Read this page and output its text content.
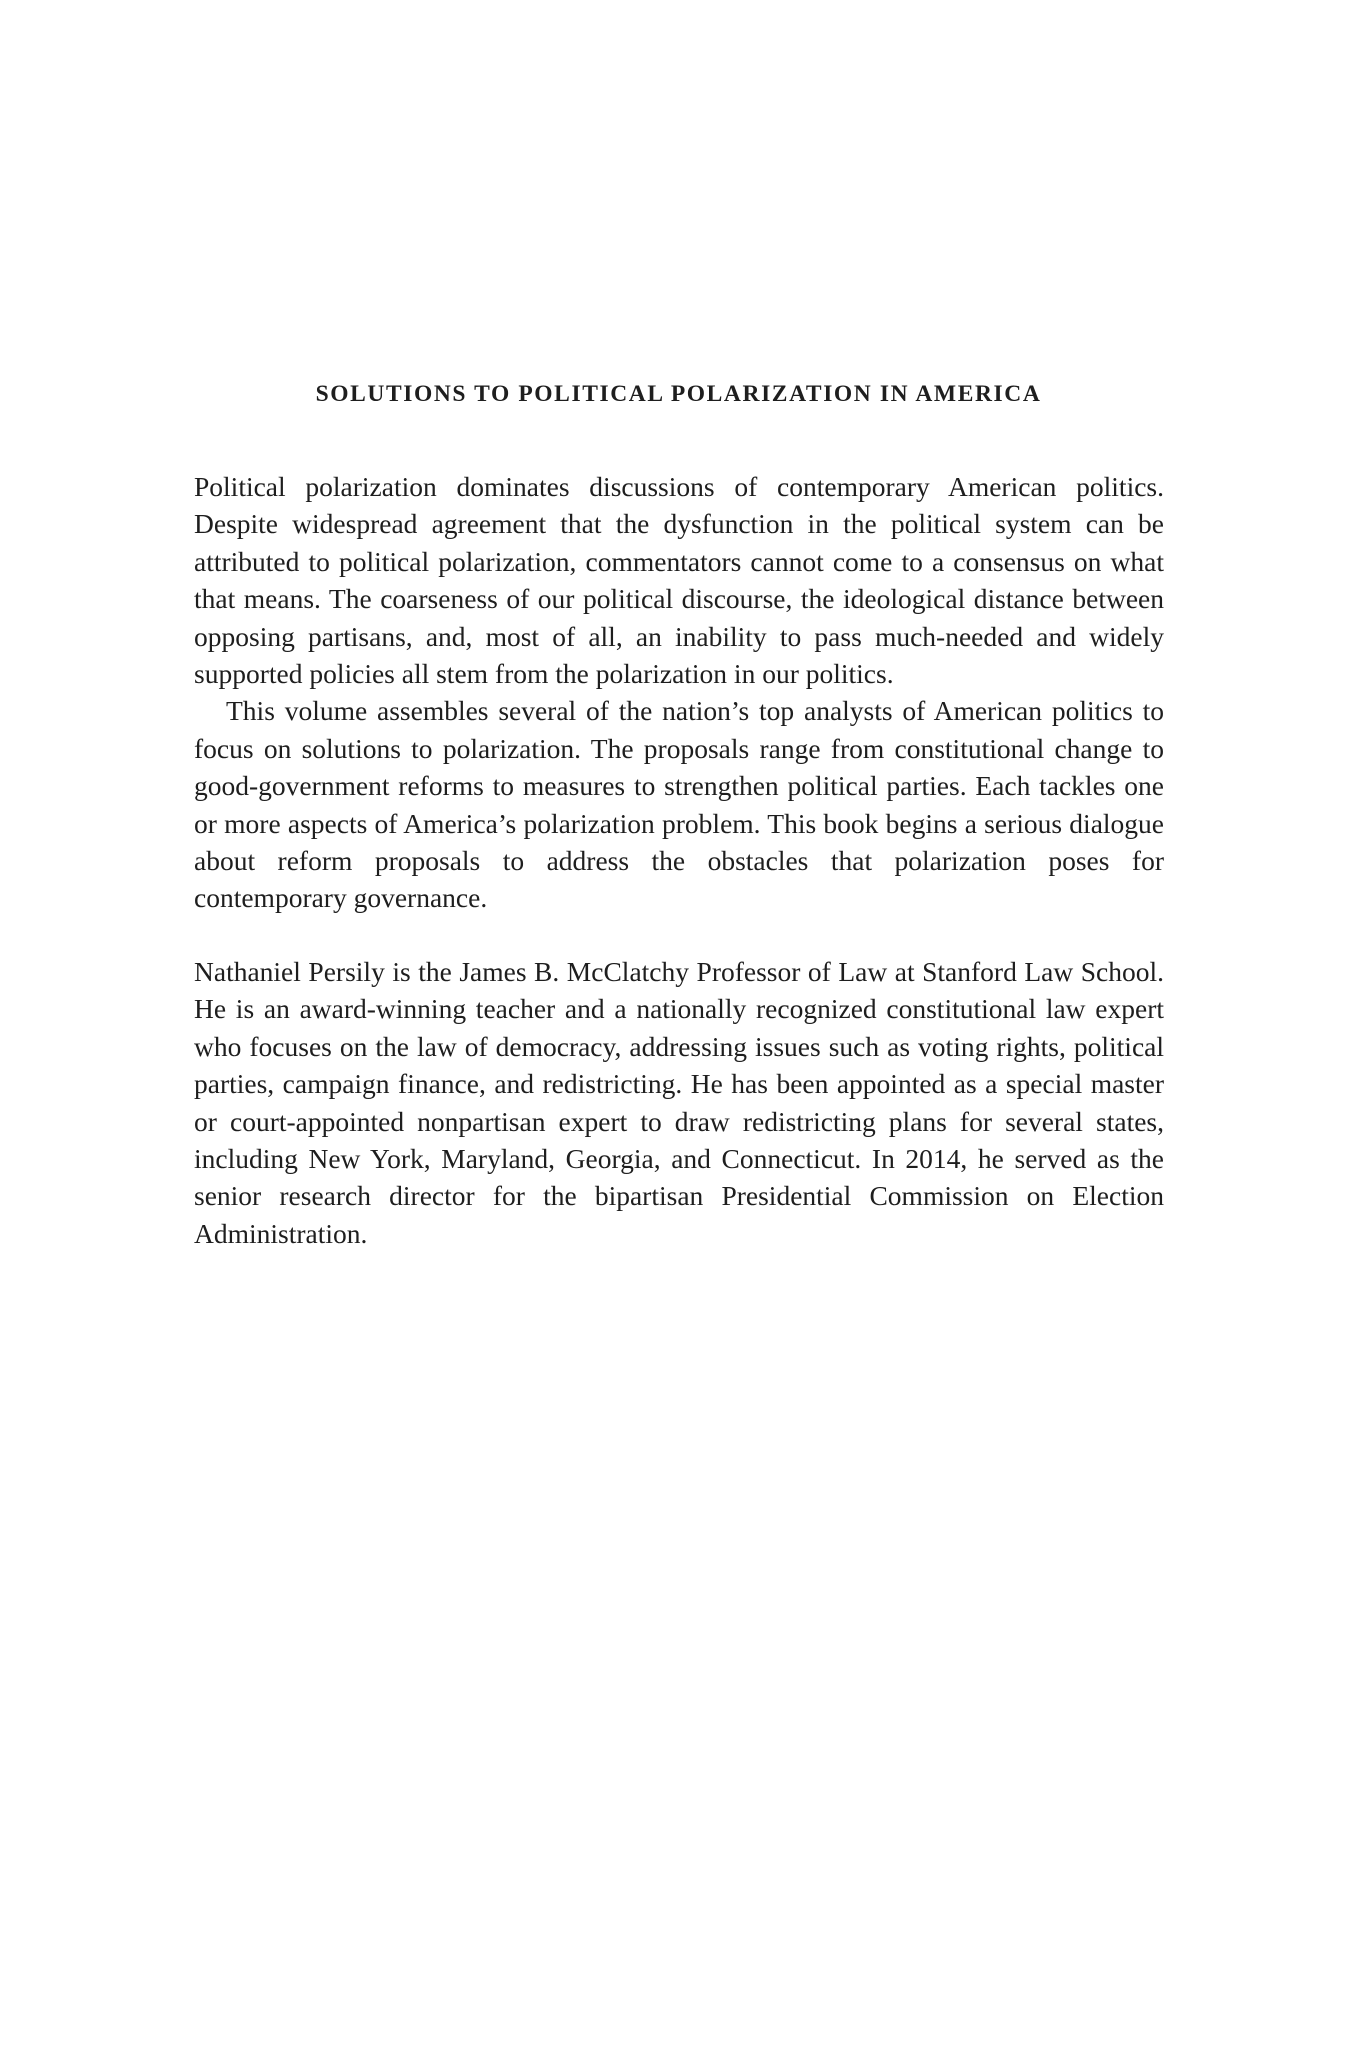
SOLUTIONS TO POLITICAL POLARIZATION IN AMERICA

Political polarization dominates discussions of contemporary American politics. Despite widespread agreement that the dysfunction in the political system can be attributed to political polarization, commentators cannot come to a consensus on what that means. The coarseness of our political discourse, the ideological distance between opposing partisans, and, most of all, an inability to pass much-needed and widely supported policies all stem from the polarization in our politics.

This volume assembles several of the nation’s top analysts of American politics to focus on solutions to polarization. The proposals range from constitutional change to good-government reforms to measures to strengthen political parties. Each tackles one or more aspects of America’s polarization problem. This book begins a serious dialogue about reform proposals to address the obstacles that polarization poses for contemporary governance.

Nathaniel Persily is the James B. McClatchy Professor of Law at Stanford Law School. He is an award-winning teacher and a nationally recognized constitutional law expert who focuses on the law of democracy, addressing issues such as voting rights, political parties, campaign finance, and redistricting. He has been appointed as a special master or court-appointed nonpartisan expert to draw redistricting plans for several states, including New York, Maryland, Georgia, and Connecticut. In 2014, he served as the senior research director for the bipartisan Presidential Commission on Election Administration.
